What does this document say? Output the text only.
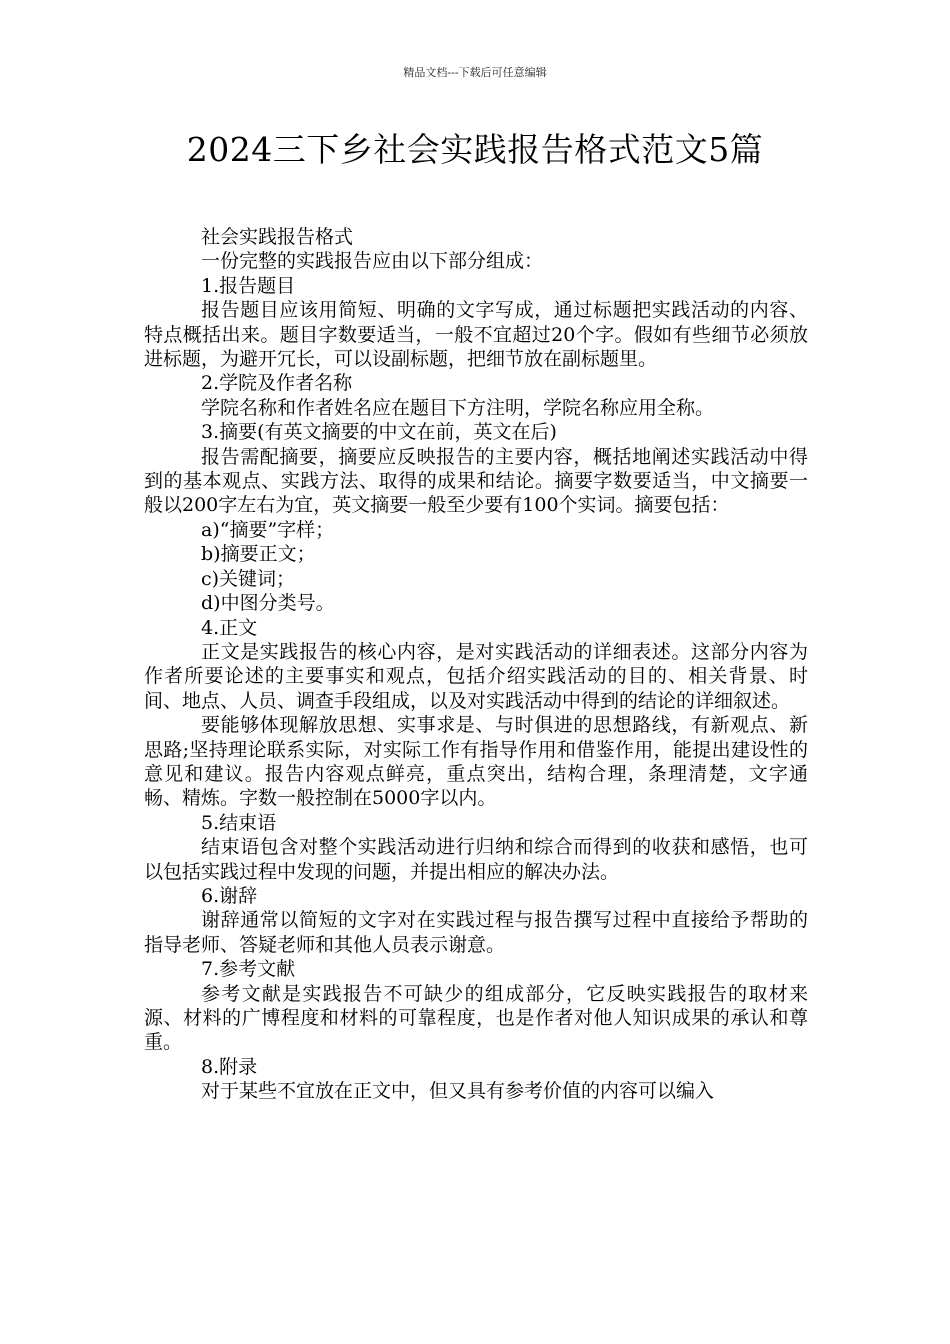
精品文档---下载后可任意编辑
2024三下乡社会实践报告格式范文5篇

社会实践报告格式

一份完整的实践报告应由以下部分组成：

1.报告题目

报告题目应该用简短、明确的文字写成，通过标题把实践活动的内容、特点概括出来。题目字数要适当，一般不宜超过20个字。假如有些细节必须放进标题，为避开冗长，可以设副标题，把细节放在副标题里。

2.学院及作者名称

学院名称和作者姓名应在题目下方注明，学院名称应用全称。

3.摘要(有英文摘要的中文在前，英文在后)

报告需配摘要，摘要应反映报告的主要内容，概括地阐述实践活动中得到的基本观点、实践方法、取得的成果和结论。摘要字数要适当，中文摘要一般以200字左右为宜，英文摘要一般至少要有100个实词。摘要包括：

a)“摘要”字样；

b)摘要正文；

c)关键词；

d)中图分类号。

4.正文

正文是实践报告的核心内容，是对实践活动的详细表述。这部分内容为作者所要论述的主要事实和观点，包括介绍实践活动的目的、相关背景、时间、地点、人员、调查手段组成，以及对实践活动中得到的结论的详细叙述。

要能够体现解放思想、实事求是、与时俱进的思想路线，有新观点、新思路;坚持理论联系实际，对实际工作有指导作用和借鉴作用，能提出建设性的意见和建议。报告内容观点鲜亮，重点突出，结构合理，条理清楚，文字通畅、精炼。字数一般控制在5000字以内。

5.结束语

结束语包含对整个实践活动进行归纳和综合而得到的收获和感悟，也可以包括实践过程中发现的问题，并提出相应的解决办法。

6.谢辞

谢辞通常以简短的文字对在实践过程与报告撰写过程中直接给予帮助的指导老师、答疑老师和其他人员表示谢意。

7.参考文献

参考文献是实践报告不可缺少的组成部分，它反映实践报告的取材来源、材料的广博程度和材料的可靠程度，也是作者对他人知识成果的承认和尊重。

8.附录

对于某些不宜放在正文中，但又具有参考价值的内容可以编入
